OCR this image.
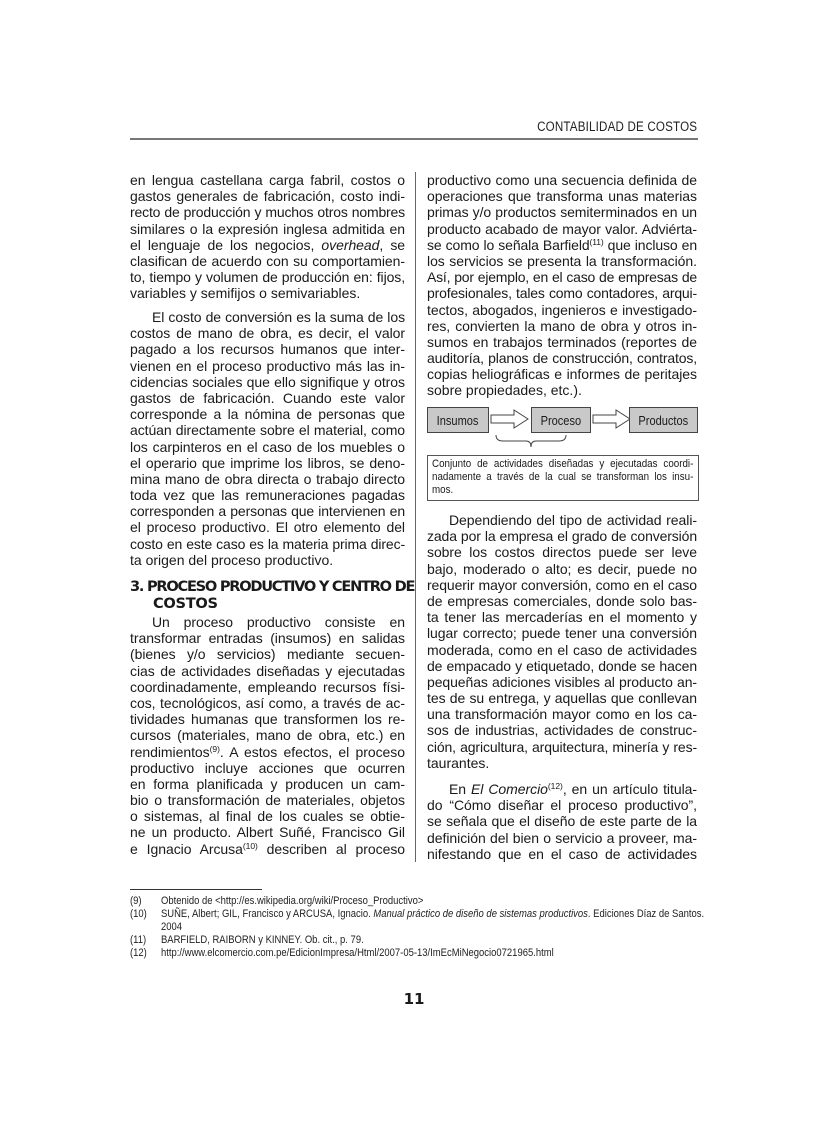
CONTABILIDAD DE COSTOS
en lengua castellana carga fabril, costos o
gastos generales de fabricación, costo indi-
recto de producción y muchos otros nombres
similares o la expresión inglesa admitida en
el lenguaje de los negocios, overhead, se
clasifican de acuerdo con su comportamien-
to, tiempo y volumen de producción en: fijos,
variables y semifijos o semivariables.
El costo de conversión es la suma de los
costos de mano de obra, es decir, el valor
pagado a los recursos humanos que inter-
vienen en el proceso productivo más las in-
cidencias sociales que ello signifique y otros
gastos de fabricación. Cuando este valor
corresponde a la nómina de personas que
actúan directamente sobre el material, como
los carpinteros en el caso de los muebles o
el operario que imprime los libros, se deno-
mina mano de obra directa o trabajo directo
toda vez que las remuneraciones pagadas
corresponden a personas que intervienen en
el proceso productivo. El otro elemento del
costo en este caso es la materia prima direc-
ta origen del proceso productivo.
3. PROCESO PRODUCTIVO Y CENTRO DE
COSTOS
Un proceso productivo consiste en
transformar entradas (insumos) en salidas
(bienes y/o servicios) mediante secuen-
cias de actividades diseñadas y ejecutadas
coordinadamente, empleando recursos físi-
cos, tecnológicos, así como, a través de ac-
tividades humanas que transformen los re-
cursos (materiales, mano de obra, etc.) en
rendimientos$^{(9)}$. A estos efectos, el proceso
productivo incluye acciones que ocurren
en forma planificada y producen un cam-
bio o transformación de materiales, objetos
o sistemas, al final de los cuales se obtie-
ne un producto. Albert Suñé, Francisco Gil
e Ignacio Arcusa$^{(10)}$ describen al proceso
productivo como una secuencia definida de
operaciones que transforma unas materias
primas y/o productos semiterminados en un
producto acabado de mayor valor. Adviérta-
se como lo señala Barfield$^{(11)}$ que incluso en
los servicios se presenta la transformación.
Así, por ejemplo, en el caso de empresas de
profesionales, tales como contadores, arqui-
tectos, abogados, ingenieros e investigado-
res, convierten la mano de obra y otros in-
sumos en trabajos terminados (reportes de
auditoría, planos de construcción, contratos,
copias heliográficas e informes de peritajes
sobre propiedades, etc.).
Insumos	Proceso	Productos
Conjunto de actividades diseñadas y ejecutadas coordi-
nadamente a través de la cual se transforman los insu-
mos.
Dependiendo del tipo de actividad reali-
zada por la empresa el grado de conversión
sobre los costos directos puede ser leve
bajo, moderado o alto; es decir, puede no
requerir mayor conversión, como en el caso
de empresas comerciales, donde solo bas-
ta tener las mercaderías en el momento y
lugar correcto; puede tener una conversión
moderada, como en el caso de actividades
de empacado y etiquetado, donde se hacen
pequeñas adiciones visibles al producto an-
tes de su entrega, y aquellas que conllevan
una transformación mayor como en los ca-
sos de industrias, actividades de construc-
ción, agricultura, arquitectura, minería y res-
taurantes.
En El Comercio$^{(12)}$, en un artículo titula-
do “Cómo diseñar el proceso productivo”,
se señala que el diseño de este parte de la
definición del bien o servicio a proveer, ma-
nifestando que en el caso de actividades
(9) Obtenido de <http://es.wikipedia.org/wiki/Proceso_Productivo>
(10) SUÑE, Albert; GIL, Francisco y ARCUSA, Ignacio. Manual práctico de diseño de sistemas productivos. Ediciones Díaz de Santos.
2004
(11) BARFIELD, RAIBORN y KINNEY. Ob. cit., p. 79.
(12) http://www.elcomercio.com.pe/EdicionImpresa/Html/2007-05-13/ImEcMiNegocio0721965.html
11
